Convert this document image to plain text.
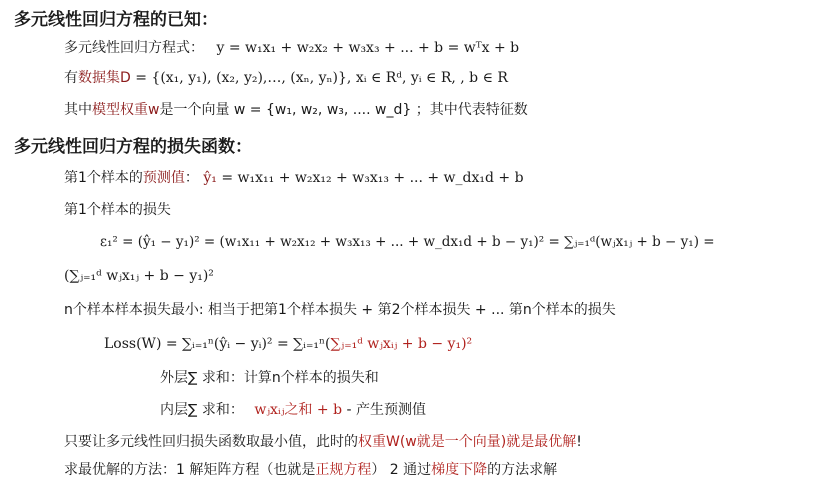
多元线性回归方程的已知：
多元线性回归方程式： y = w₁x₁ + w₂x₂ + w₃x₃ + ... + b = wᵀx + b
有数据集D = {(x₁, y₁), (x₂, y₂),…, (xₙ, yₙ)}, xᵢ ∈ Rᵈ, yᵢ ∈ R, , b ∈ R
其中模型权重w是一个向量 w = {w₁, w₂, w₃, .... w_d} ；其中代表特征数
多元线性回归方程的损失函数：
第1个样本的预测值： ŷ₁ = w₁x₁₁ + w₂x₁₂ + w₃x₁₃ + ... + w_dx₁d + b
第1个样本的损失
ε₁² = (ŷ₁ − y₁)² = (w₁x₁₁ + w₂x₁₂ + w₃x₁₃ + ... + w_dx₁d + b − y₁)² = ∑ⱼ₌₁ᵈ(wⱼx₁ⱼ + b − y₁) =
(∑ⱼ₌₁ᵈ wⱼx₁ⱼ + b − y₁)²
n个样本样本损失最小: 相当于把第1个样本损失 + 第2个样本损失 + ... 第n个样本的损失
Loss(W) = ∑ᵢ₌₁ⁿ(ŷᵢ − yᵢ)² = ∑ᵢ₌₁ⁿ(∑ⱼ₌₁ᵈ wⱼxᵢⱼ + b − y₁)²
外层∑ 求和：计算n个样本的损失和
内层∑ 求和： wⱼxᵢⱼ之和 + b - 产生预测值
只要让多元线性回归损失函数取最小值，此时的权重W(w就是一个向量)就是最优解!
求最优解的方法：1 解矩阵方程（也就是正规方程） 2 通过梯度下降的方法求解
